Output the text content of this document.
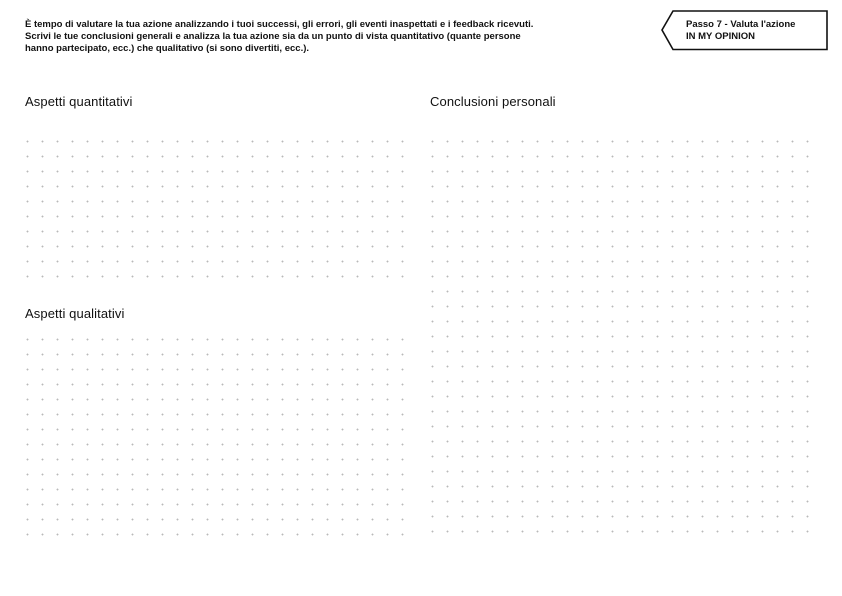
È tempo di valutare la tua azione analizzando i tuoi successi, gli errori, gli eventi inaspettati e i feedback ricevuti.
Scrivi le tue conclusioni generali e analizza la tua azione sia da un punto di vista quantitativo (quante persone
hanno partecipato, ecc.) che qualitativo (si sono divertiti, ecc.).
Passo 7 - Valuta l'azione
IN MY OPINION
Aspetti quantitativi
Aspetti qualitativi
Conclusioni personali
